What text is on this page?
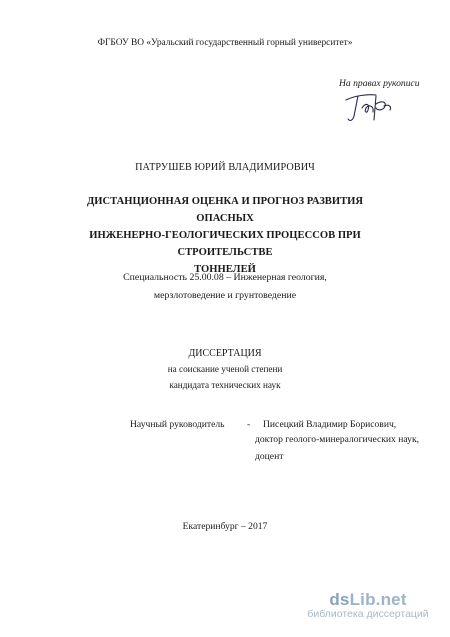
ФГБОУ ВО «Уральский государственный горный университет»
На правах рукописи
ПАТРУШЕВ ЮРИЙ ВЛАДИМИРОВИЧ
ДИСТАНЦИОННАЯ ОЦЕНКА И ПРОГНОЗ РАЗВИТИЯ ОПАСНЫХ
ИНЖЕНЕРНО-ГЕОЛОГИЧЕСКИХ ПРОЦЕССОВ ПРИ СТРОИТЕЛЬСТВЕ
ТОННЕЛЕЙ
Специальность 25.00.08 – Инженерная геология,
мерзлотоведение и грунтоведение
ДИССЕРТАЦИЯ
на соискание ученой степени
кандидата технических наук
Научный руководитель - Писецкий Владимир Борисович,
доктор геолого-минералогических наук,
доцент
Екатеринбург – 2017
dsLib.net
библиотека диссертаций
